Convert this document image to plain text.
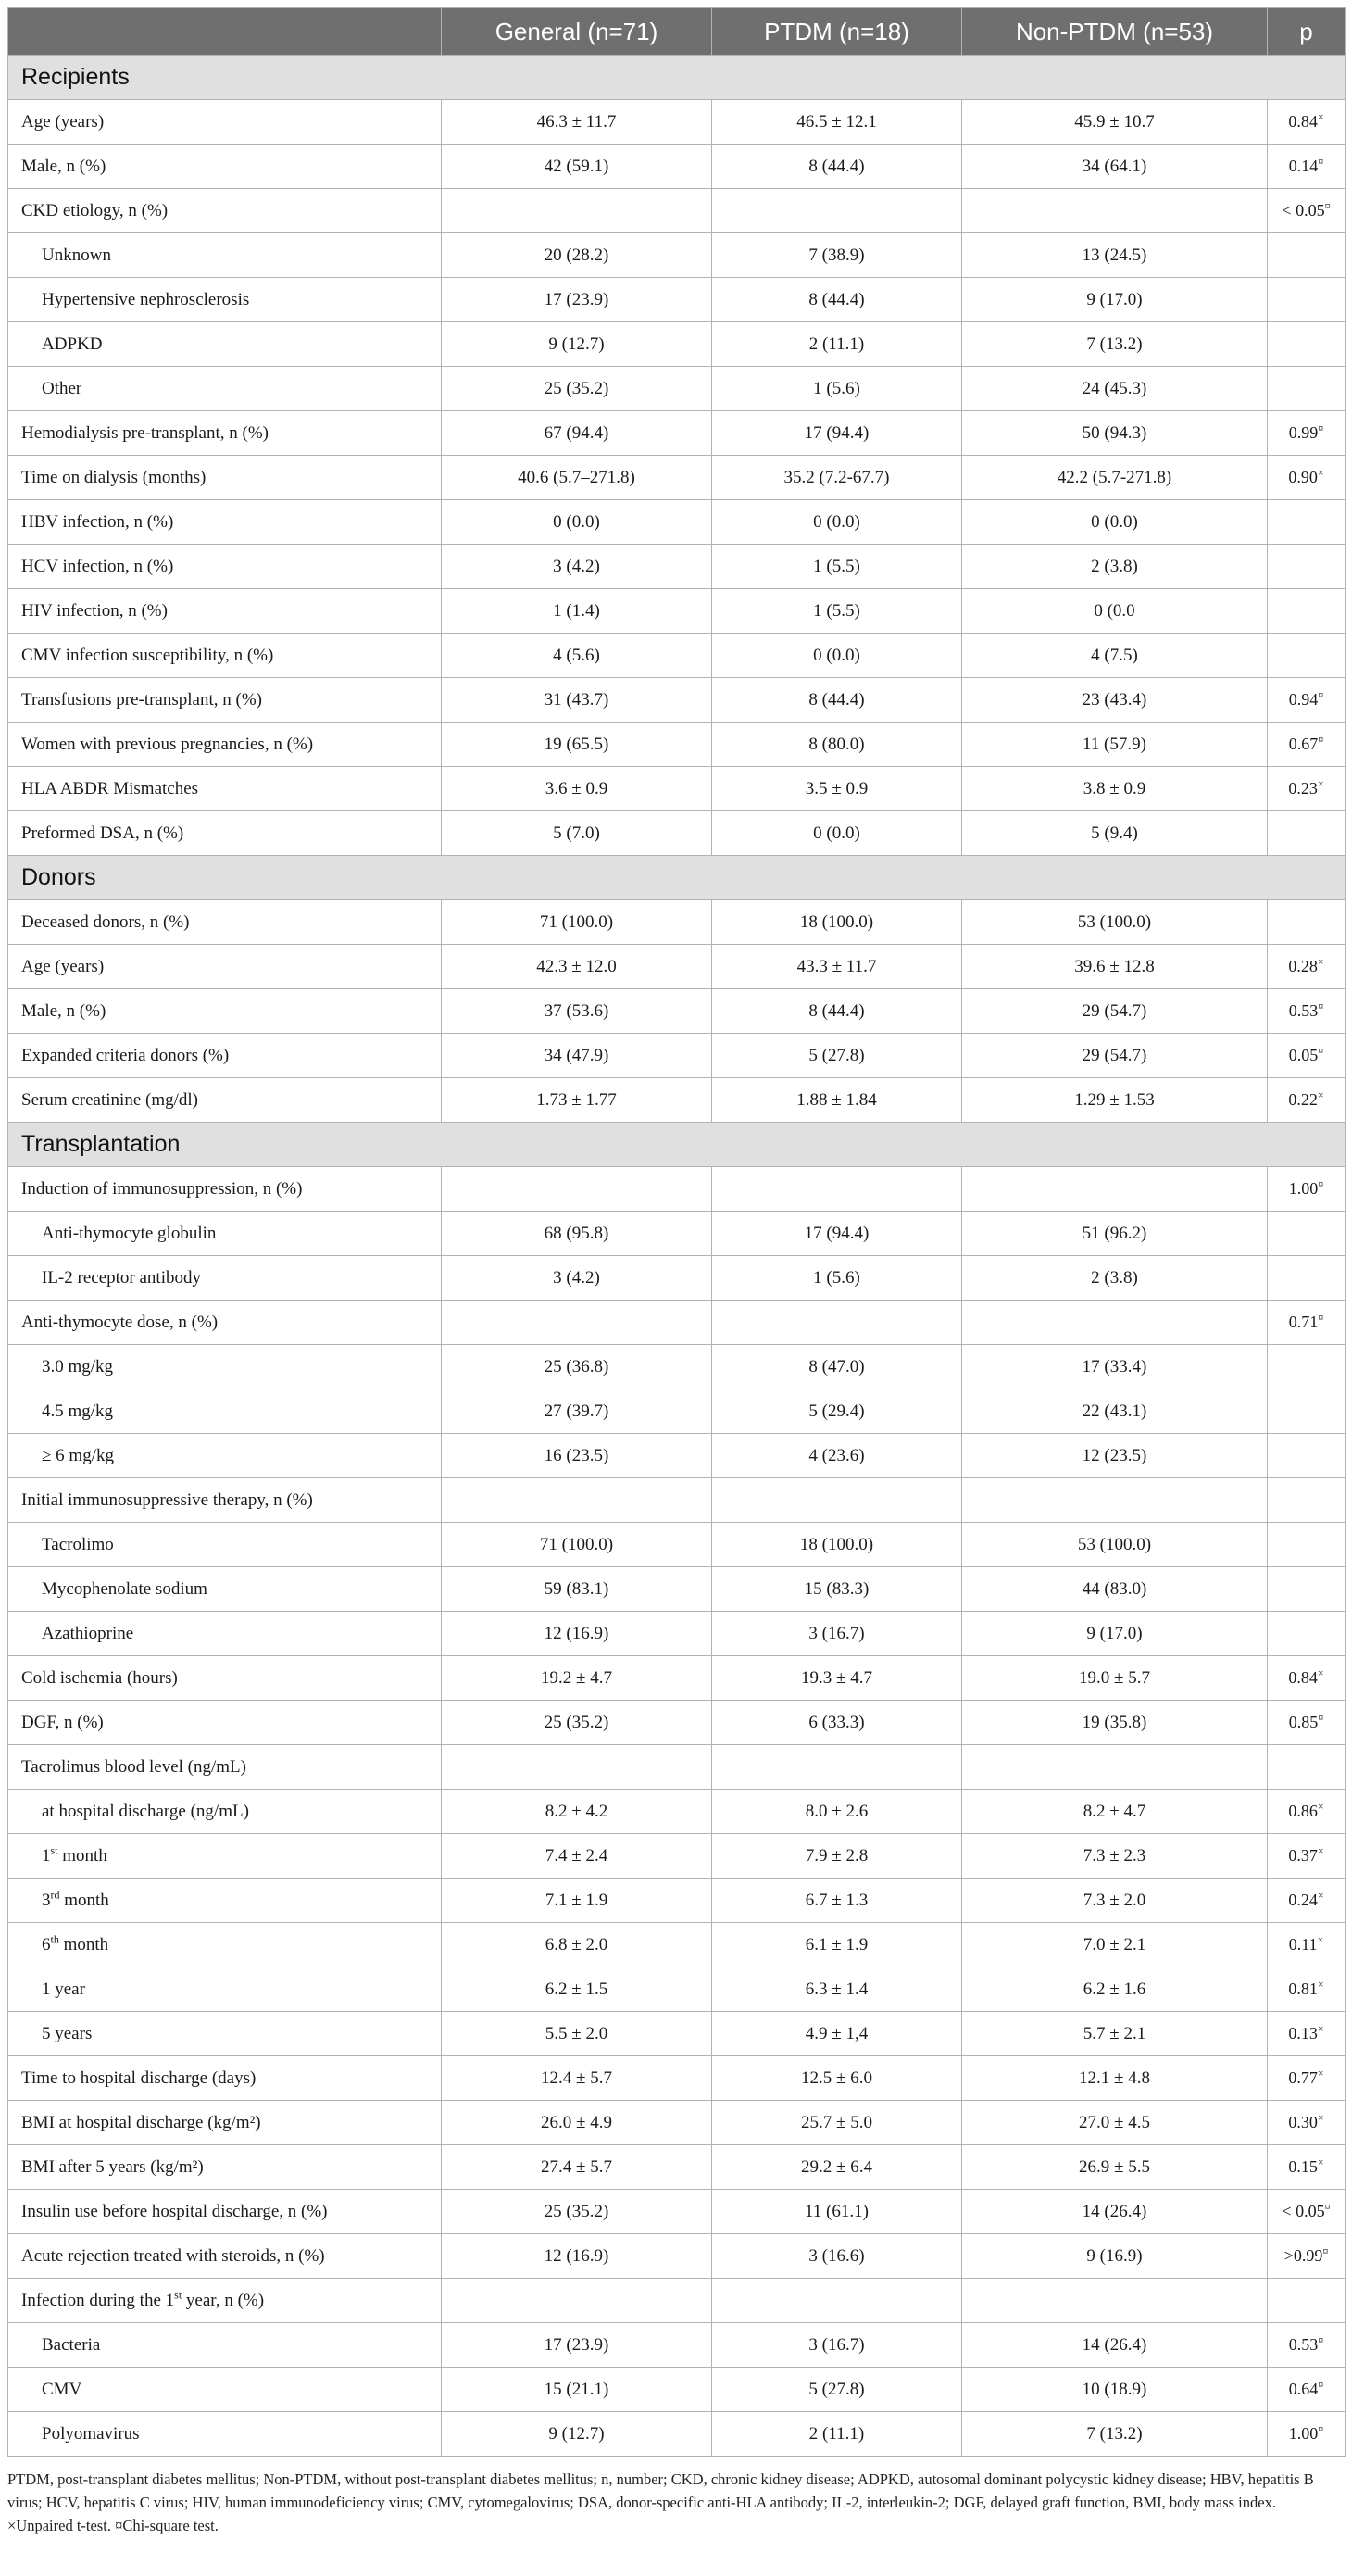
	General (n=71)	PTDM (n=18)	Non-PTDM (n=53)	p
Recipients				
Age (years)	46.3 ± 11.7	46.5 ± 12.1	45.9 ± 10.7	0.84×
Male, n (%)	42 (59.1)	8 (44.4)	34 (64.1)	0.14¤
CKD etiology, n (%)				< 0.05¤
Unknown	20 (28.2)	7 (38.9)	13 (24.5)	
Hypertensive nephrosclerosis	17 (23.9)	8 (44.4)	9 (17.0)	
ADPKD	9 (12.7)	2 (11.1)	7 (13.2)	
Other	25 (35.2)	1 (5.6)	24 (45.3)	
Hemodialysis pre-transplant, n (%)	67 (94.4)	17 (94.4)	50 (94.3)	0.99¤
Time on dialysis (months)	40.6 (5.7–271.8)	35.2 (7.2-67.7)	42.2 (5.7-271.8)	0.90×
HBV infection, n (%)	0 (0.0)	0 (0.0)	0 (0.0)	
HCV infection, n (%)	3 (4.2)	1 (5.5)	2 (3.8)	
HIV infection, n (%)	1 (1.4)	1 (5.5)	0 (0.0	
CMV infection susceptibility, n (%)	4 (5.6)	0 (0.0)	4 (7.5)	
Transfusions pre-transplant, n (%)	31 (43.7)	8 (44.4)	23 (43.4)	0.94¤
Women with previous pregnancies, n (%)	19 (65.5)	8 (80.0)	11 (57.9)	0.67¤
HLA ABDR Mismatches	3.6 ± 0.9	3.5 ± 0.9	3.8 ± 0.9	0.23×
Preformed DSA, n (%)	5 (7.0)	0 (0.0)	5 (9.4)	
Donors				
Deceased donors, n (%)	71 (100.0)	18 (100.0)	53 (100.0)	
Age (years)	42.3 ± 12.0	43.3 ± 11.7	39.6 ± 12.8	0.28×
Male, n (%)	37 (53.6)	8 (44.4)	29 (54.7)	0.53¤
Expanded criteria donors (%)	34 (47.9)	5 (27.8)	29 (54.7)	0.05¤
Serum creatinine (mg/dl)	1.73 ± 1.77	1.88 ± 1.84	1.29 ± 1.53	0.22×
Transplantation				
Induction of immunosuppression, n (%)				1.00¤
Anti-thymocyte globulin	68 (95.8)	17 (94.4)	51 (96.2)	
IL-2 receptor antibody	3 (4.2)	1 (5.6)	2 (3.8)	
Anti-thymocyte dose, n (%)				0.71¤
3.0 mg/kg	25 (36.8)	8 (47.0)	17 (33.4)	
4.5 mg/kg	27 (39.7)	5 (29.4)	22 (43.1)	
≥ 6 mg/kg	16 (23.5)	4 (23.6)	12 (23.5)	
Initial immunosuppressive therapy, n (%)				
Tacrolimo	71 (100.0)	18 (100.0)	53 (100.0)	
Mycophenolate sodium	59 (83.1)	15 (83.3)	44 (83.0)	
Azathioprine	12 (16.9)	3 (16.7)	9 (17.0)	
Cold ischemia (hours)	19.2 ± 4.7	19.3 ± 4.7	19.0 ± 5.7	0.84×
DGF, n (%)	25 (35.2)	6 (33.3)	19 (35.8)	0.85¤
Tacrolimus blood level (ng/mL)				
at hospital discharge (ng/mL)	8.2 ± 4.2	8.0 ± 2.6	8.2 ± 4.7	0.86×
1st month	7.4 ± 2.4	7.9 ± 2.8	7.3 ± 2.3	0.37×
3rd month	7.1 ± 1.9	6.7 ± 1.3	7.3 ± 2.0	0.24×
6th month	6.8 ± 2.0	6.1 ± 1.9	7.0 ± 2.1	0.11×
1 year	6.2 ± 1.5	6.3 ± 1.4	6.2 ± 1.6	0.81×
5 years	5.5 ± 2.0	4.9 ± 1,4	5.7 ± 2.1	0.13×
Time to hospital discharge (days)	12.4 ± 5.7	12.5 ± 6.0	12.1 ± 4.8	0.77×
BMI at hospital discharge (kg/m²)	26.0 ± 4.9	25.7 ± 5.0	27.0 ± 4.5	0.30×
BMI after 5 years (kg/m²)	27.4 ± 5.7	29.2 ± 6.4	26.9 ± 5.5	0.15×
Insulin use before hospital discharge, n (%)	25 (35.2)	11 (61.1)	14 (26.4)	< 0.05¤
Acute rejection treated with steroids, n (%)	12 (16.9)	3 (16.6)	9 (16.9)	>0.99¤
Infection during the 1st year, n (%)				
Bacteria	17 (23.9)	3 (16.7)	14 (26.4)	0.53¤
CMV	15 (21.1)	5 (27.8)	10 (18.9)	0.64¤
Polyomavirus	9 (12.7)	2 (11.1)	7 (13.2)	1.00¤
PTDM, post-transplant diabetes mellitus; Non-PTDM, without post-transplant diabetes mellitus; n, number; CKD, chronic kidney disease; ADPKD, autosomal dominant polycystic kidney disease; HBV, hepatitis B virus; HCV, hepatitis C virus; HIV, human immunodeficiency virus; CMV, cytomegalovirus; DSA, donor-specific anti-HLA antibody; IL-2, interleukin-2; DGF, delayed graft function, BMI, body mass index.
×Unpaired t-test. ¤Chi-square test.
